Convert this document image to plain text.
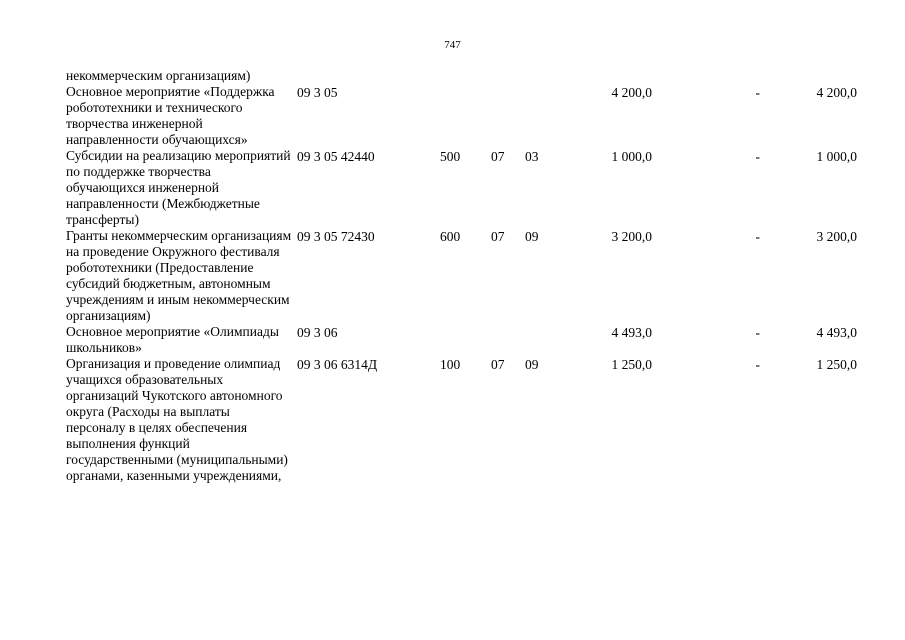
747
некоммерческим организациям)
Основное мероприятие «Поддержка робототехники и технического творчества инженерной направленности обучающихся»
09 3 05	4 200,0	-	4 200,0
Субсидии на реализацию мероприятий по поддержке творчества обучающихся инженерной направленности (Межбюджетные трансферты)
09 3 05 42440	500 07 03	1 000,0	-	1 000,0
Гранты некоммерческим организациям на проведение Окружного фестиваля робототехники (Предоставление субсидий бюджетным, автономным учреждениям и иным некоммерческим организациям)
09 3 05 72430	600 07 09	3 200,0	-	3 200,0
Основное мероприятие «Олимпиады школьников»
09 3 06	4 493,0	-	4 493,0
Организация и проведение олимпиад учащихся образовательных организаций Чукотского автономного округа (Расходы на выплаты персоналу в целях обеспечения выполнения функций государственными (муниципальными) органами, казенными учреждениями,
09 3 06 6314Д	100 07 09	1 250,0	-	1 250,0
